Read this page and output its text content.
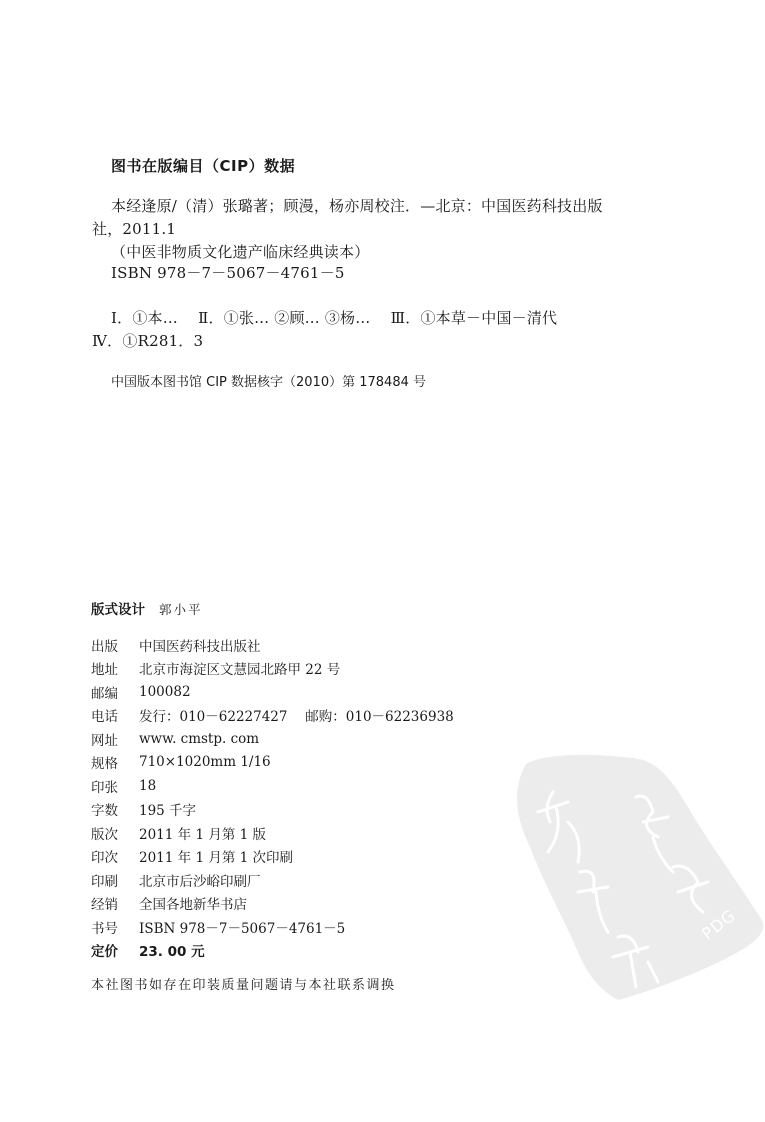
图书在版编目（CIP）数据
本经逢原/（清）张璐著；顾漫，杨亦周校注．—北京：中国医药科技出版
社，2011.1
（中医非物质文化遗产临床经典读本）
ISBN 978－7－5067－4761－5
Ⅰ．①本…　 Ⅱ．①张… ②顾… ③杨…　 Ⅲ．①本草－中国－清代
Ⅳ．①R281．3
中国版本图书馆 CIP 数据核字（2010）第 178484 号
版式设计 郭小平
出版	中国医药科技出版社
地址	北京市海淀区文慧园北路甲 22 号
邮编	100082
电话	发行：010－62227427　 邮购：010－62236938
网址	www. cmstp. com
规格	710×1020mm 1/16
印张	18
字数	195 千字
版次	2011 年 1 月第 1 版
印次	2011 年 1 月第 1 次印刷
印刷	北京市后沙峪印刷厂
经销	全国各地新华书店
书号	ISBN 978－7－5067－4761－5
定价	23. 00 元
本社图书如存在印装质量问题请与本社联系调换
PDG
